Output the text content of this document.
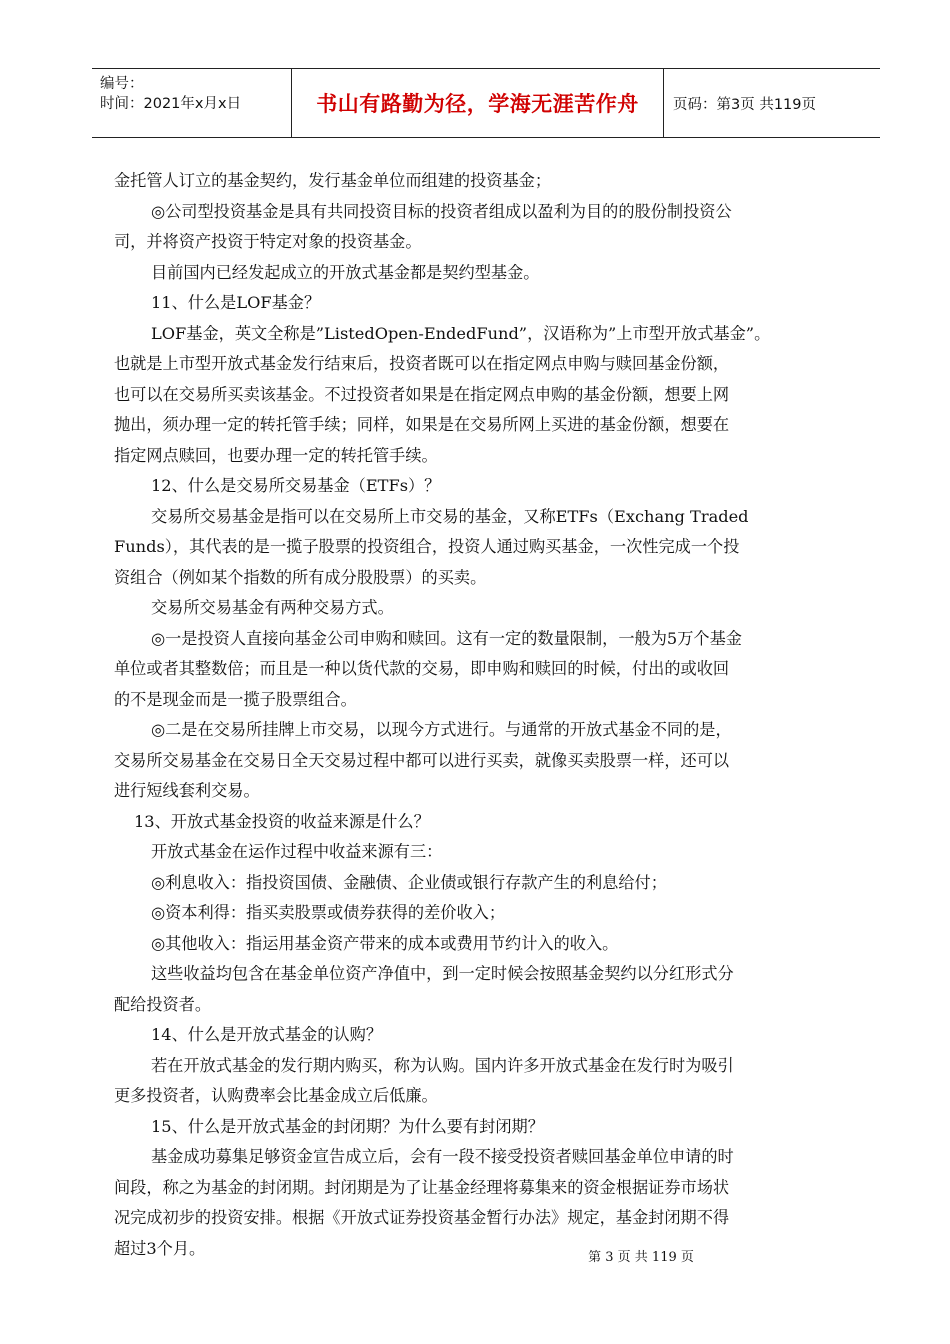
编号：
时间：2021年x月x日	书山有路勤为径，学海无涯苦作舟 页码：第3页 共119页
金托管人订立的基金契约，发行基金单位而组建的投资基金；
◎公司型投资基金是具有共同投资目标的投资者组成以盈利为目的的股份制投资公
司，并将资产投资于特定对象的投资基金。
目前国内已经发起成立的开放式基金都是契约型基金。
11、什么是LOF基金？
LOF基金，英文全称是”ListedOpen-EndedFund”，汉语称为”上市型开放式基金”。
也就是上市型开放式基金发行结束后，投资者既可以在指定网点申购与赎回基金份额，
也可以在交易所买卖该基金。不过投资者如果是在指定网点申购的基金份额，想要上网
抛出，须办理一定的转托管手续；同样，如果是在交易所网上买进的基金份额，想要在
指定网点赎回，也要办理一定的转托管手续。
12、什么是交易所交易基金（ETFs）？
交易所交易基金是指可以在交易所上市交易的基金，又称ETFs（Exchang Traded
Funds），其代表的是一揽子股票的投资组合，投资人通过购买基金，一次性完成一个投
资组合（例如某个指数的所有成分股股票）的买卖。
交易所交易基金有两种交易方式。
◎一是投资人直接向基金公司申购和赎回。这有一定的数量限制，一般为5万个基金
单位或者其整数倍；而且是一种以货代款的交易，即申购和赎回的时候，付出的或收回
的不是现金而是一揽子股票组合。
◎二是在交易所挂牌上市交易，以现今方式进行。与通常的开放式基金不同的是，
交易所交易基金在交易日全天交易过程中都可以进行买卖，就像买卖股票一样，还可以
进行短线套利交易。
13、开放式基金投资的收益来源是什么？
开放式基金在运作过程中收益来源有三：
◎利息收入：指投资国债、金融债、企业债或银行存款产生的利息给付；
◎资本利得：指买卖股票或债券获得的差价收入；
◎其他收入：指运用基金资产带来的成本或费用节约计入的收入。
这些收益均包含在基金单位资产净值中，到一定时候会按照基金契约以分红形式分
配给投资者。
14、什么是开放式基金的认购？
若在开放式基金的发行期内购买，称为认购。国内许多开放式基金在发行时为吸引
更多投资者，认购费率会比基金成立后低廉。
15、什么是开放式基金的封闭期？为什么要有封闭期？
基金成功募集足够资金宣告成立后，会有一段不接受投资者赎回基金单位申请的时
间段，称之为基金的封闭期。封闭期是为了让基金经理将募集来的资金根据证券市场状
况完成初步的投资安排。根据《开放式证券投资基金暂行办法》规定，基金封闭期不得
超过3个月。	第 3 页 共 119 页
